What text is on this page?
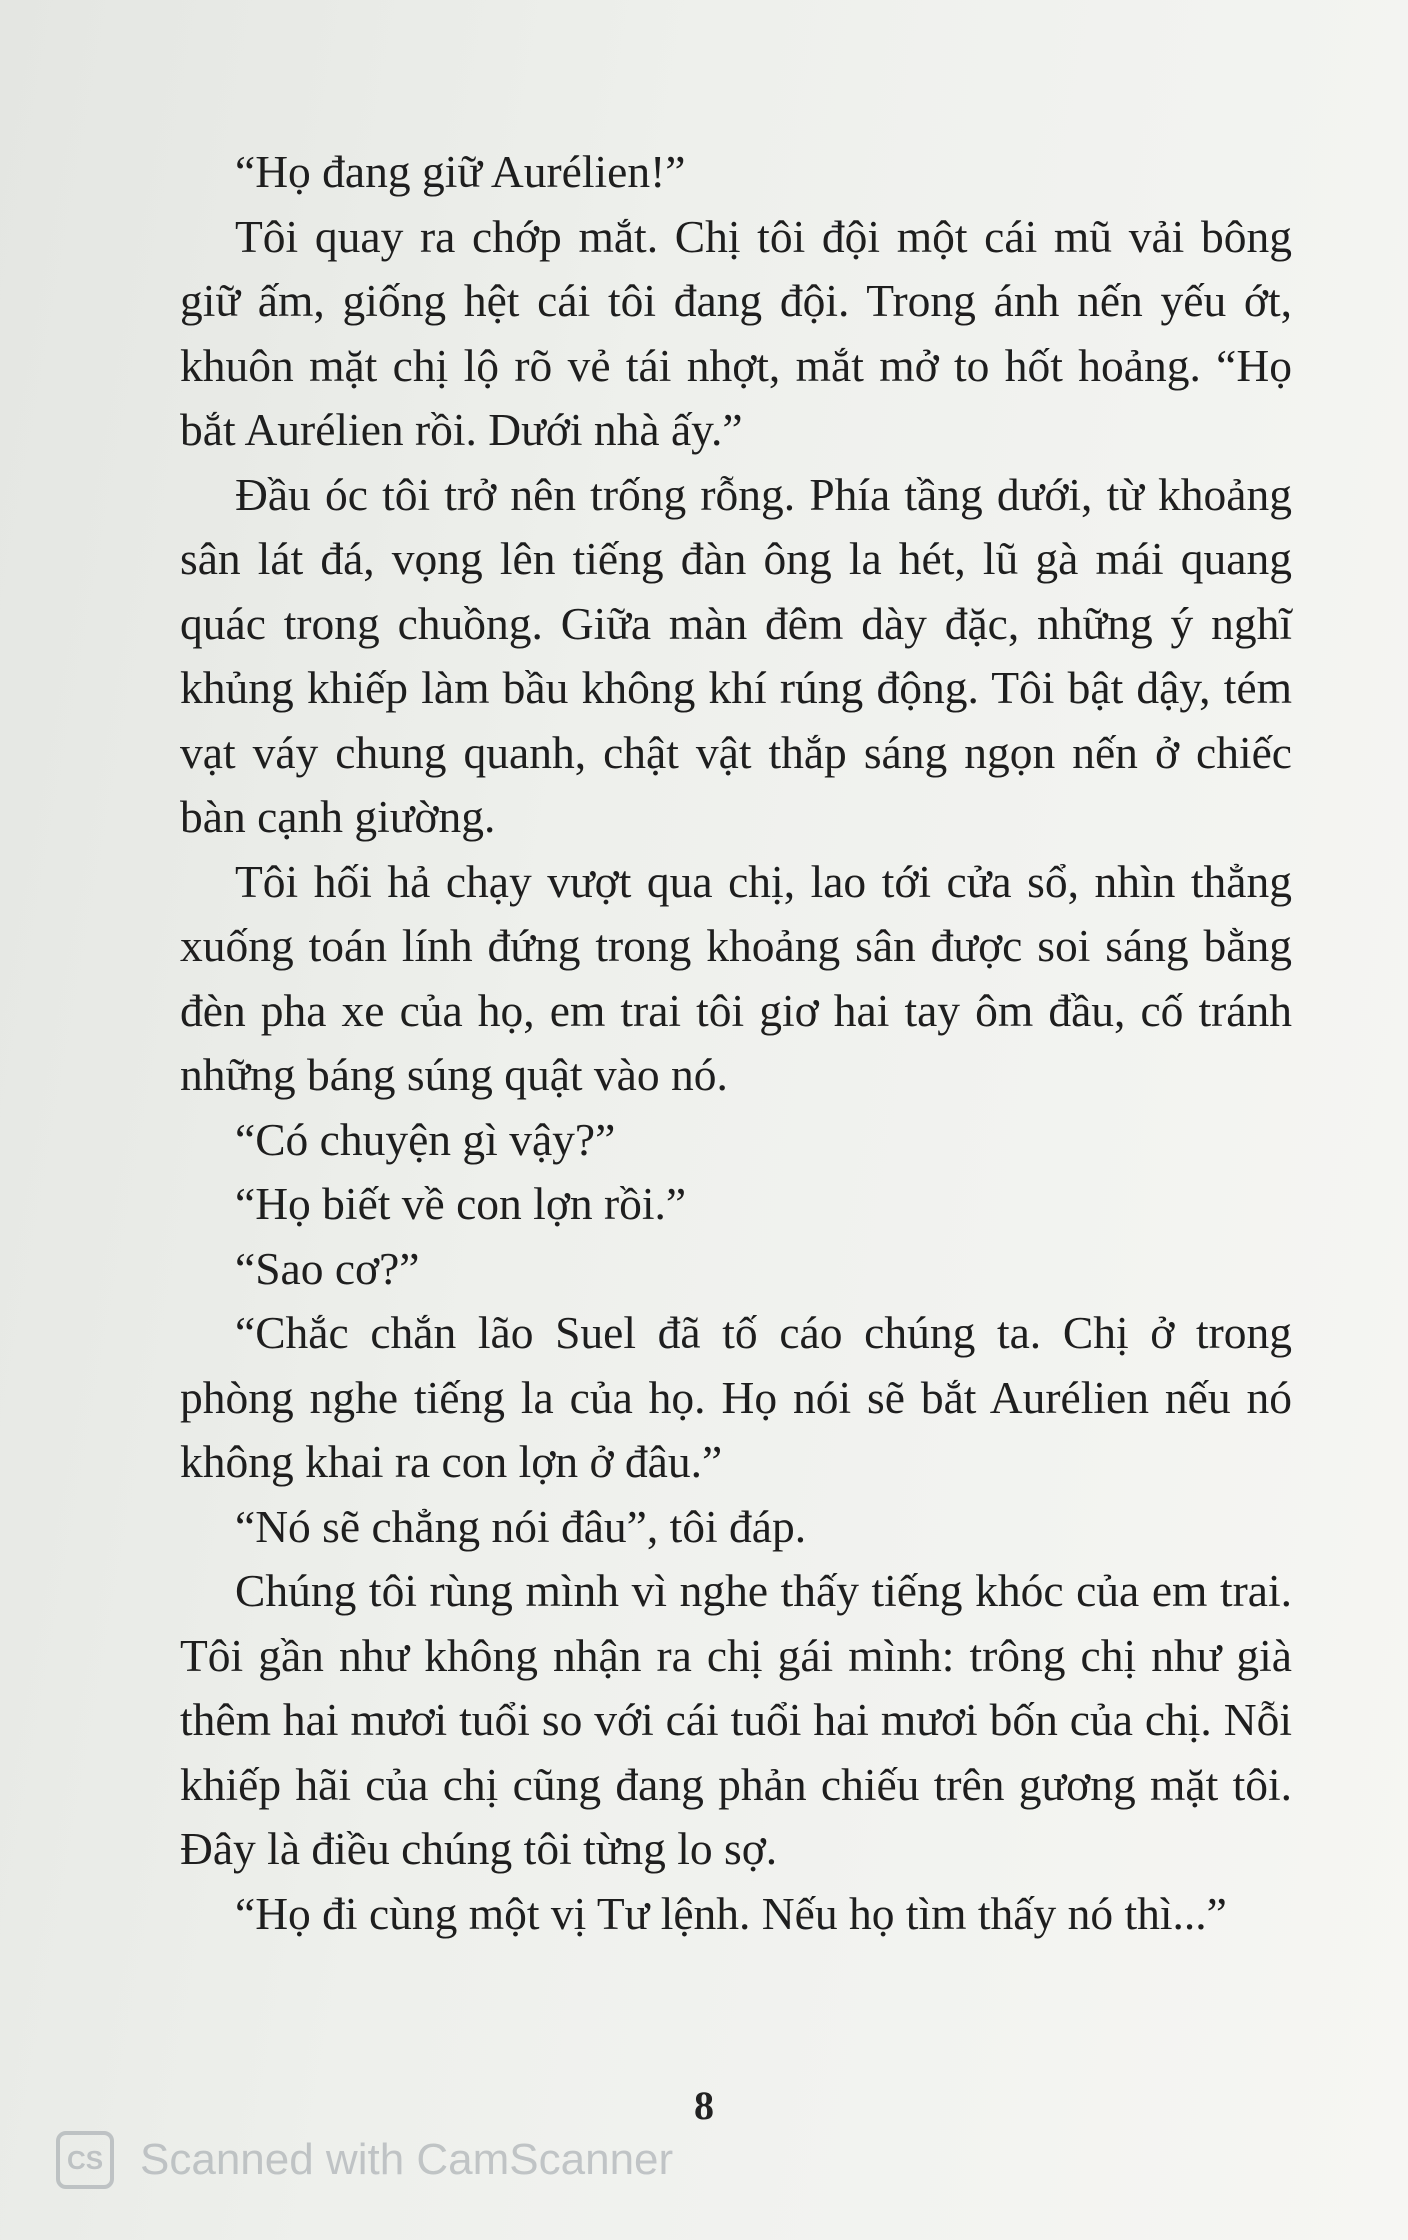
“Họ đang giữ Aurélien!”

Tôi quay ra chớp mắt. Chị tôi đội một cái mũ vải bông giữ ấm, giống hệt cái tôi đang đội. Trong ánh nến yếu ớt, khuôn mặt chị lộ rõ vẻ tái nhợt, mắt mở to hốt hoảng. “Họ bắt Aurélien rồi. Dưới nhà ấy.”

Đầu óc tôi trở nên trống rỗng. Phía tầng dưới, từ khoảng sân lát đá, vọng lên tiếng đàn ông la hét, lũ gà mái quang quác trong chuồng. Giữa màn đêm dày đặc, những ý nghĩ khủng khiếp làm bầu không khí rúng động. Tôi bật dậy, tém vạt váy chung quanh, chật vật thắp sáng ngọn nến ở chiếc bàn cạnh giường.

Tôi hối hả chạy vượt qua chị, lao tới cửa sổ, nhìn thẳng xuống toán lính đứng trong khoảng sân được soi sáng bằng đèn pha xe của họ, em trai tôi giơ hai tay ôm đầu, cố tránh những báng súng quật vào nó.

“Có chuyện gì vậy?”

“Họ biết về con lợn rồi.”

“Sao cơ?”

“Chắc chắn lão Suel đã tố cáo chúng ta. Chị ở trong phòng nghe tiếng la của họ. Họ nói sẽ bắt Aurélien nếu nó không khai ra con lợn ở đâu.”

“Nó sẽ chẳng nói đâu”, tôi đáp.

Chúng tôi rùng mình vì nghe thấy tiếng khóc của em trai. Tôi gần như không nhận ra chị gái mình: trông chị như già thêm hai mươi tuổi so với cái tuổi hai mươi bốn của chị. Nỗi khiếp hãi của chị cũng đang phản chiếu trên gương mặt tôi. Đây là điều chúng tôi từng lo sợ.

“Họ đi cùng một vị Tư lệnh. Nếu họ tìm thấy nó thì...”

8
CS Scanned with CamScanner
